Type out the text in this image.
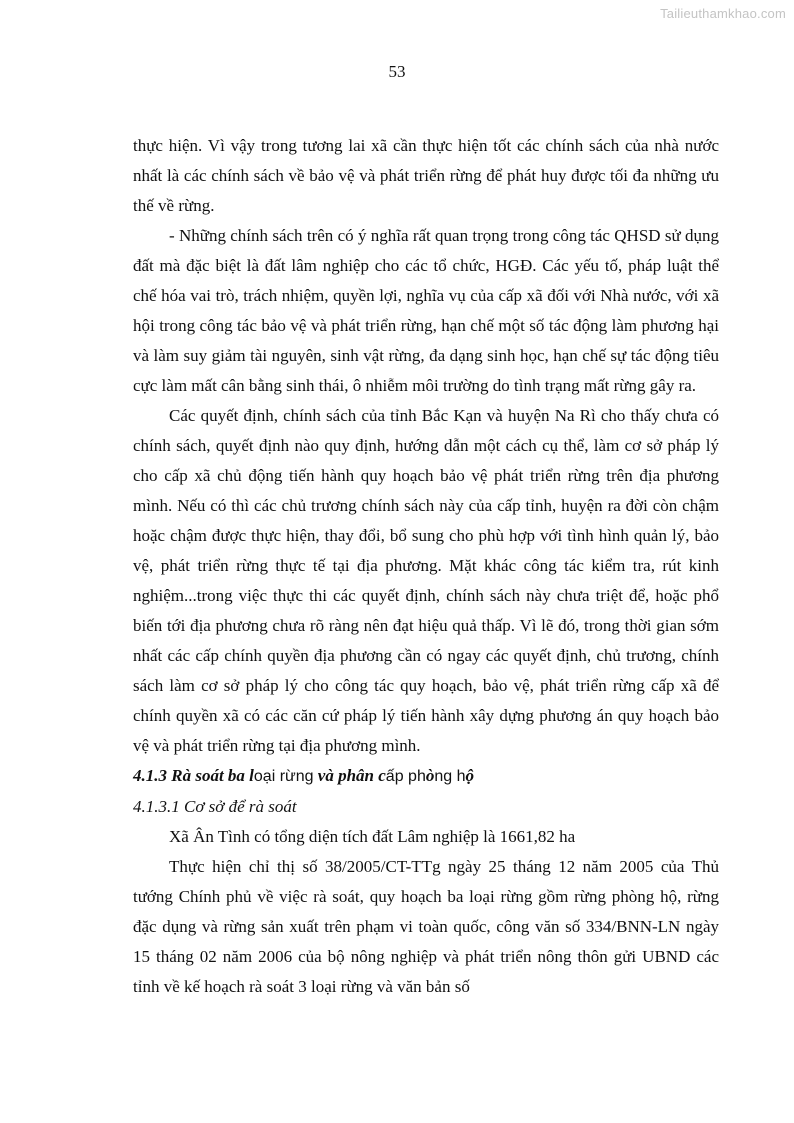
Tailieuthamkhao.com
53

thực hiện. Vì vậy trong tương lai xã cần thực hiện tốt các chính sách của nhà nước nhất là các chính sách về bảo vệ và phát triển rừng để phát huy được tối đa những ưu thế về rừng.

- Những chính sách trên có ý nghĩa rất quan trọng trong công tác QHSD sử dụng đất mà đặc biệt là đất lâm nghiệp cho các tổ chức, HGĐ. Các yếu tố, pháp luật thể chế hóa vai trò, trách nhiệm, quyền lợi, nghĩa vụ của cấp xã đối với Nhà nước, với xã hội trong công tác bảo vệ và phát triển rừng, hạn chế một số tác động làm phương hại và làm suy giảm tài nguyên, sinh vật rừng, đa dạng sinh học, hạn chế sự tác động tiêu cực làm mất cân bằng sinh thái, ô nhiễm môi trường do tình trạng mất rừng gây ra.

Các quyết định, chính sách của tỉnh Bắc Kạn và huyện Na Rì cho thấy chưa có chính sách, quyết định nào quy định, hướng dẫn một cách cụ thể, làm cơ sở pháp lý cho cấp xã chủ động tiến hành quy hoạch bảo vệ phát triển rừng trên địa phương mình. Nếu có thì các chủ trương chính sách này của cấp tỉnh, huyện ra đời còn chậm hoặc chậm được thực hiện, thay đổi, bổ sung cho phù hợp với tình hình quản lý, bảo vệ, phát triển rừng thực tế tại địa phương. Mặt khác công tác kiểm tra, rút kinh nghiệm...trong việc thực thi các quyết định, chính sách này chưa triệt để, hoặc phổ biến tới địa phương chưa rõ ràng nên đạt hiệu quả thấp. Vì lẽ đó, trong thời gian sớm nhất các cấp chính quyền địa phương cần có ngay các quyết định, chủ trương, chính sách làm cơ sở pháp lý cho công tác quy hoạch, bảo vệ, phát triển rừng cấp xã để chính quyền xã có các căn cứ pháp lý tiến hành xây dựng phương án quy hoạch bảo vệ và phát triển rừng tại địa phương mình.

4.1.3 Rà soát ba loại rừng và phân cấp phòng hộ
4.1.3.1 Cơ sở để rà soát

Xã Ân Tình có tổng diện tích đất Lâm nghiệp là 1661,82 ha

Thực hiện chỉ thị số 38/2005/CT-TTg ngày 25 tháng 12 năm 2005 của Thủ tướng Chính phủ về việc rà soát, quy hoạch ba loại rừng gồm rừng phòng hộ, rừng đặc dụng và rừng sản xuất trên phạm vi toàn quốc, công văn số 334/BNN-LN ngày 15 tháng 02 năm 2006 của bộ nông nghiệp và phát triển nông thôn gửi UBND các tỉnh về kế hoạch rà soát 3 loại rừng và văn bản số
